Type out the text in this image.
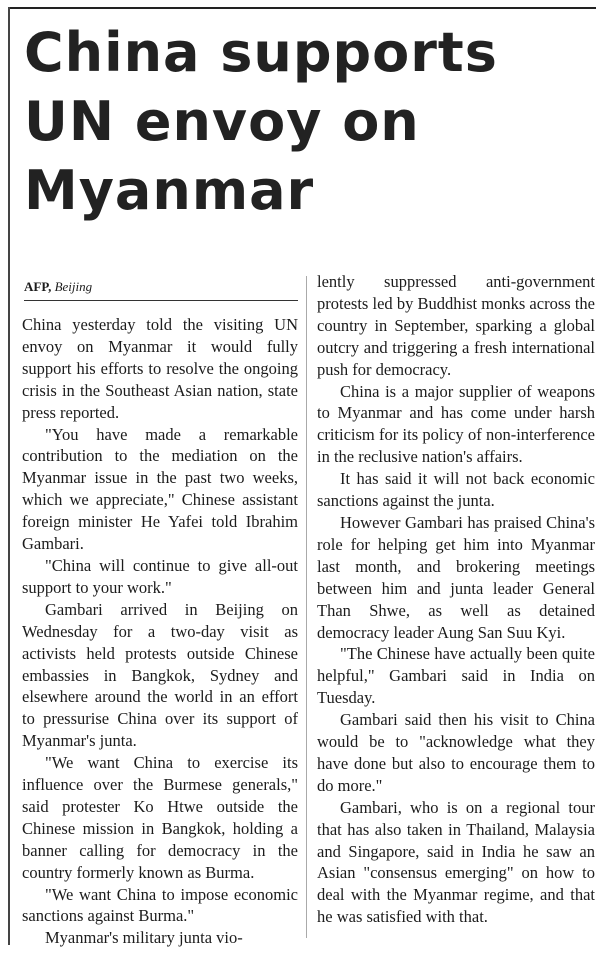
China supports
UN envoy on
Myanmar
AFP, Beijing

China yesterday told the visiting UN envoy on Myanmar it would fully support his efforts to resolve the ongoing crisis in the Southeast Asian nation, state press reported.

"You have made a remarkable contribution to the mediation on the Myanmar issue in the past two weeks, which we appreciate," Chinese assistant foreign minister He Yafei told Ibrahim Gambari.

"China will continue to give all-out support to your work."

Gambari arrived in Beijing on Wednesday for a two-day visit as activists held protests outside Chinese embassies in Bangkok, Sydney and elsewhere around the world in an effort to pressurise China over its support of Myanmar's junta.

"We want China to exercise its influence over the Burmese generals," said protester Ko Htwe outside the Chinese mission in Bangkok, holding a banner calling for democracy in the country formerly known as Burma.

"We want China to impose economic sanctions against Burma."

Myanmar's military junta vio-

lently suppressed anti-government protests led by Buddhist monks across the country in September, sparking a global outcry and triggering a fresh international push for democracy.

China is a major supplier of weapons to Myanmar and has come under harsh criticism for its policy of non-interference in the reclusive nation's affairs.

It has said it will not back economic sanctions against the junta.

However Gambari has praised China's role for helping get him into Myanmar last month, and brokering meetings between him and junta leader General Than Shwe, as well as detained democracy leader Aung San Suu Kyi.

"The Chinese have actually been quite helpful," Gambari said in India on Tuesday.

Gambari said then his visit to China would be to "acknowledge what they have done but also to encourage them to do more."

Gambari, who is on a regional tour that has also taken in Thailand, Malaysia and Singapore, said in India he saw an Asian "consensus emerging" on how to deal with the Myanmar regime, and that he was satisfied with that.
